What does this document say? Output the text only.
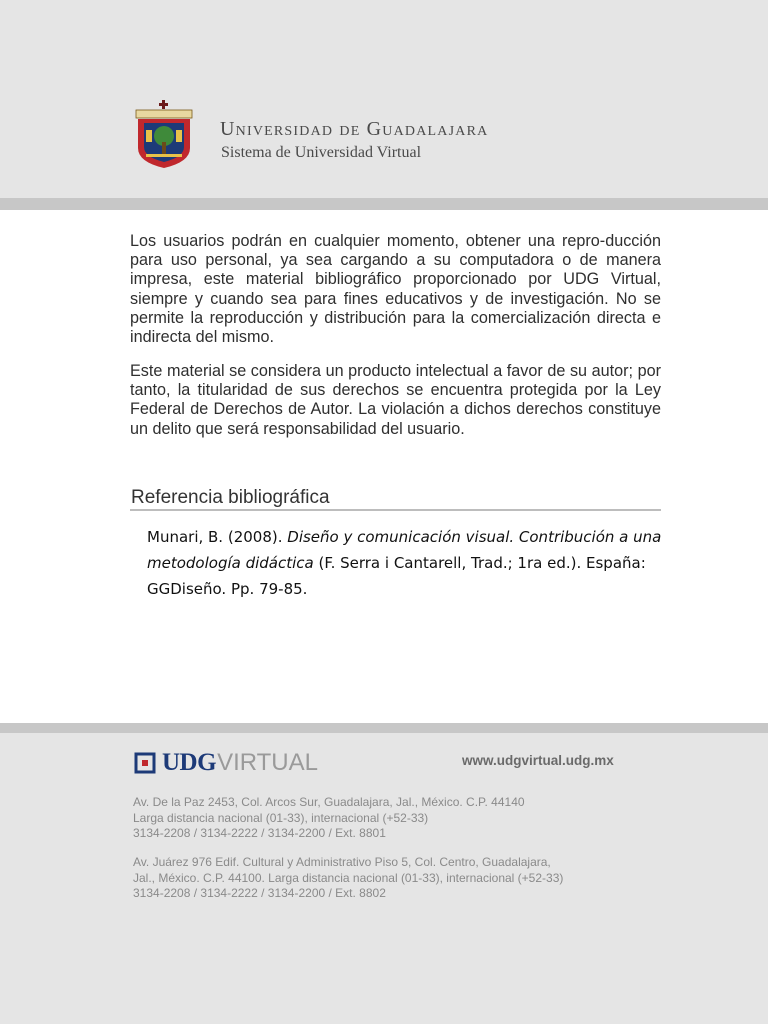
Universidad de Guadalajara
Sistema de Universidad Virtual

Los usuarios podrán en cualquier momento, obtener una repro-ducción para uso personal, ya sea cargando a su computadora o de manera impresa, este material bibliográfico proporcionado por UDG Virtual, siempre y cuando sea para fines educativos y de investigación. No se permite la reproducción y distribución para la comercialización directa e indirecta del mismo.

Este material se considera un producto intelectual a favor de su autor; por tanto, la titularidad de sus derechos se encuentra protegida por la Ley Federal de Derechos de Autor. La violación a dichos derechos constituye un delito que será responsabilidad del usuario.

Referencia bibliográfica

Munari, B. (2008). Diseño y comunicación visual. Contribución a una metodología didáctica (F. Serra i Cantarell, Trad.; 1ra ed.). España: GGDiseño. Pp. 79-85.

UDG VIRTUAL	www.udgvirtual.udg.mx
Av. De la Paz 2453, Col. Arcos Sur, Guadalajara, Jal., México. C.P. 44140
Larga distancia nacional (01-33), internacional (+52-33)
3134-2208 / 3134-2222 / 3134-2200 / Ext. 8801
Av. Juárez 976 Edif. Cultural y Administrativo Piso 5, Col. Centro, Guadalajara,
Jal., México. C.P. 44100. Larga distancia nacional (01-33), internacional (+52-33)
3134-2208 / 3134-2222 / 3134-2200 / Ext. 8802
